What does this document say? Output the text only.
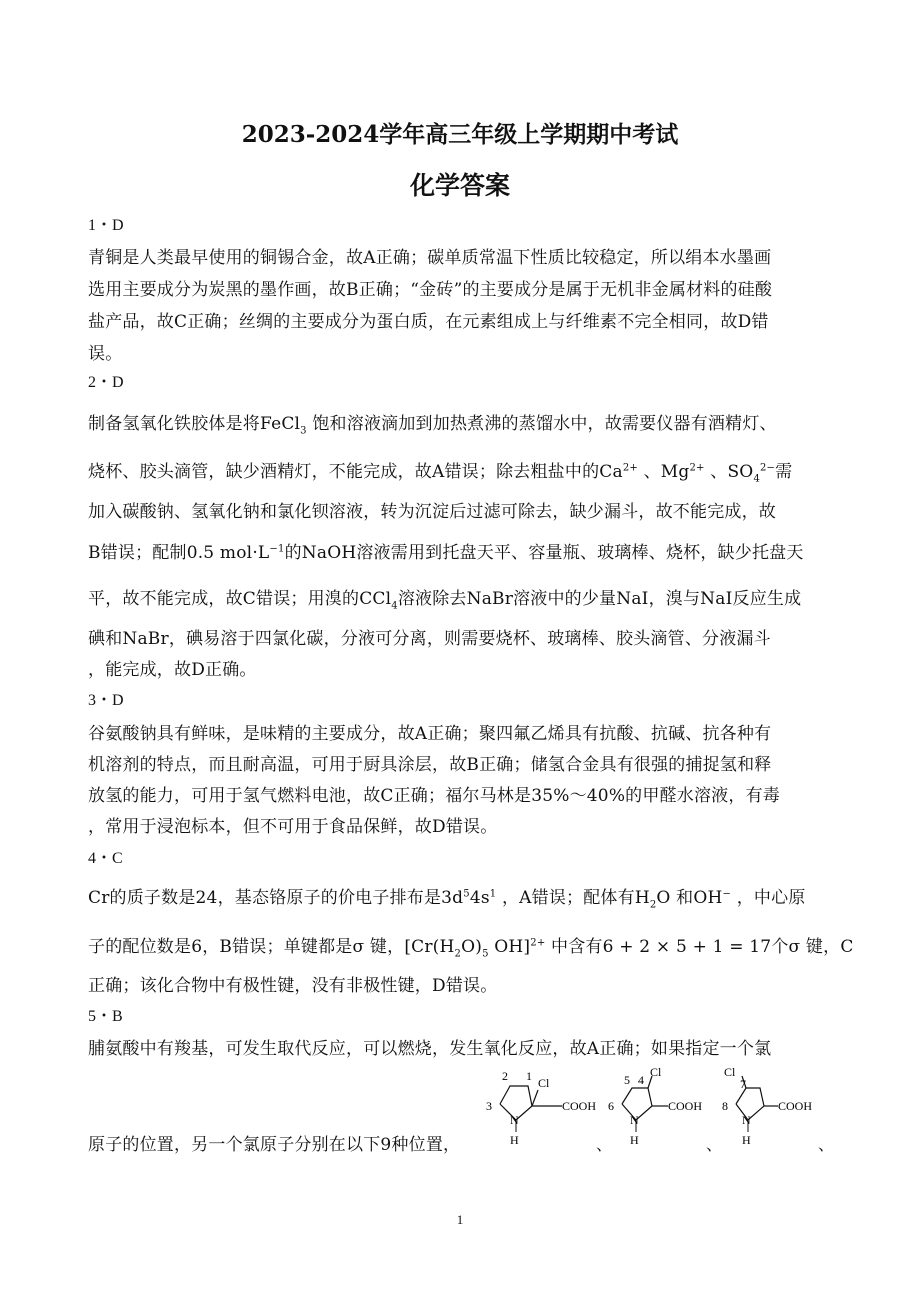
2023-2024学年高三年级上学期期中考试
化学答案
1・D
青铜是人类最早使用的铜锡合金，故A正确；碳单质常温下性质比较稳定，所以绢本水墨画
选用主要成分为炭黑的墨作画，故B正确；“金砖”的主要成分是属于无机非金属材料的硅酸
盐产品，故C正确；丝绸的主要成分为蛋白质，在元素组成上与纤维素不完全相同，故D错
误。
2・D
制备氢氧化铁胶体是将FeCl$_3$ 饱和溶液滴加到加热煮沸的蒸馏水中，故需要仪器有酒精灯、
烧杯、胶头滴管，缺少酒精灯，不能完成，故A错误；除去粗盐中的$Ca^{2+}$ 、$Mg^{2+}$ 、$SO_4^{2-}$需
加入碳酸钠、氢氧化钠和氯化钡溶液，转为沉淀后过滤可除去，缺少漏斗，故不能完成，故
B错误；配制0.5 $mol\cdot L^{-1}$的NaOH溶液需用到托盘天平、容量瓶、玻璃棒、烧杯，缺少托盘天
平，故不能完成，故C错误；用溴的CCl$_4$溶液除去NaBr溶液中的少量NaI，溴与NaI反应生成
碘和NaBr，碘易溶于四氯化碳，分液可分离，则需要烧杯、玻璃棒、胶头滴管、分液漏斗
，能完成，故D正确。
3・D
谷氨酸钠具有鲜味，是味精的主要成分，故A正确；聚四氟乙烯具有抗酸、抗碱、抗各种有
机溶剂的特点，而且耐高温，可用于厨具涂层，故B正确；储氢合金具有很强的捕捉氢和释
放氢的能力，可用于氢气燃料电池，故C正确；福尔马林是35%～40%的甲醛水溶液，有毒
，常用于浸泡标本，但不可用于食品保鲜，故D错误。
4・C
Cr的质子数是24，基态铬原子的价电子排布是$3d^54s^1$ ，A错误；配体有$H_2O$ 和OH− ，中心原
子的配位数是6，B错误；单键都是σ 键，[$Cr(H_2O)_5$ OH]$^{2+}$ 中含有6 + 2 × 5 + 1 = 17个σ 键，C
正确；该化合物中有极性键，没有非极性键，D错误。
5・B
脯氨酸中有羧基，可发生取代反应，可以燃烧，发生氧化反应，故A正确；如果指定一个氯
原子的位置，另一个氯原子分别在以下9种位置，
2 1
3
Cl
COOH
N
H
5 4
6
Cl
COOH
N
H
Cl
7
8	COOH
N
H
、	、	、
1
